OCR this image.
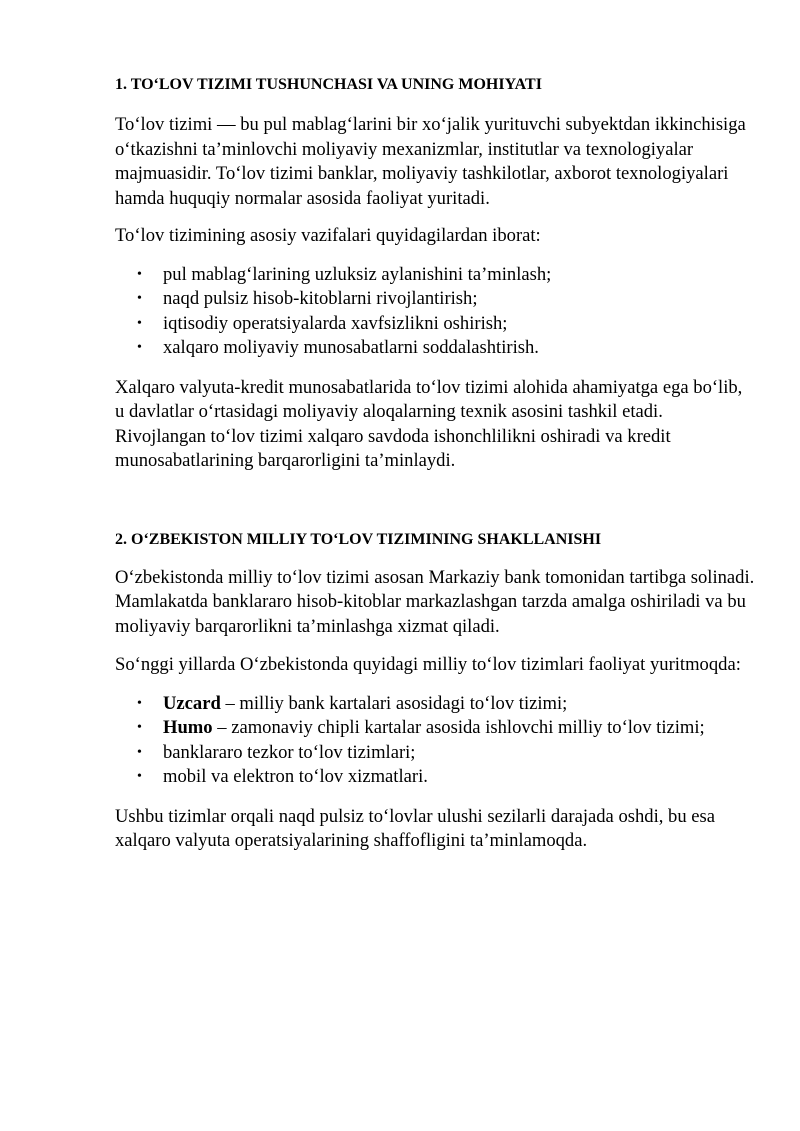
1. TO‘LOV TIZIMI TUSHUNCHASI VA UNING MOHIYATI

To‘lov tizimi — bu pul mablag‘larini bir xo‘jalik yurituvchi subyektdan ikkinchisiga o‘tkazishni ta’minlovchi moliyaviy mexanizmlar, institutlar va texnologiyalar majmuasidir. To‘lov tizimi banklar, moliyaviy tashkilotlar, axborot texnologiyalari hamda huquqiy normalar asosida faoliyat yuritadi.

To‘lov tizimining asosiy vazifalari quyidagilardan iborat:

• pul mablag‘larining uzluksiz aylanishini ta’minlash;
• naqd pulsiz hisob-kitoblarni rivojlantirish;
• iqtisodiy operatsiyalarda xavfsizlikni oshirish;
• xalqaro moliyaviy munosabatlarni soddalashtirish.

Xalqaro valyuta-kredit munosabatlarida to‘lov tizimi alohida ahamiyatga ega bo‘lib, u davlatlar o‘rtasidagi moliyaviy aloqalarning texnik asosini tashkil etadi. Rivojlangan to‘lov tizimi xalqaro savdoda ishonchlilikni oshiradi va kredit munosabatlarining barqarorligini ta’minlaydi.

2. O‘ZBEKISTON MILLIY TO‘LOV TIZIMINING SHAKLLANISHI

O‘zbekistonda milliy to‘lov tizimi asosan Markaziy bank tomonidan tartibga solinadi. Mamlakatda banklararo hisob-kitoblar markazlashgan tarzda amalga oshiriladi va bu moliyaviy barqarorlikni ta’minlashga xizmat qiladi.

So‘nggi yillarda O‘zbekistonda quyidagi milliy to‘lov tizimlari faoliyat yuritmoqda:

• Uzcard – milliy bank kartalari asosidagi to‘lov tizimi;
• Humo – zamonaviy chipli kartalar asosida ishlovchi milliy to‘lov tizimi;
• banklararo tezkor to‘lov tizimlari;
• mobil va elektron to‘lov xizmatlari.

Ushbu tizimlar orqali naqd pulsiz to‘lovlar ulushi sezilarli darajada oshdi, bu esa xalqaro valyuta operatsiyalarining shaffofligini ta’minlamoqda.
